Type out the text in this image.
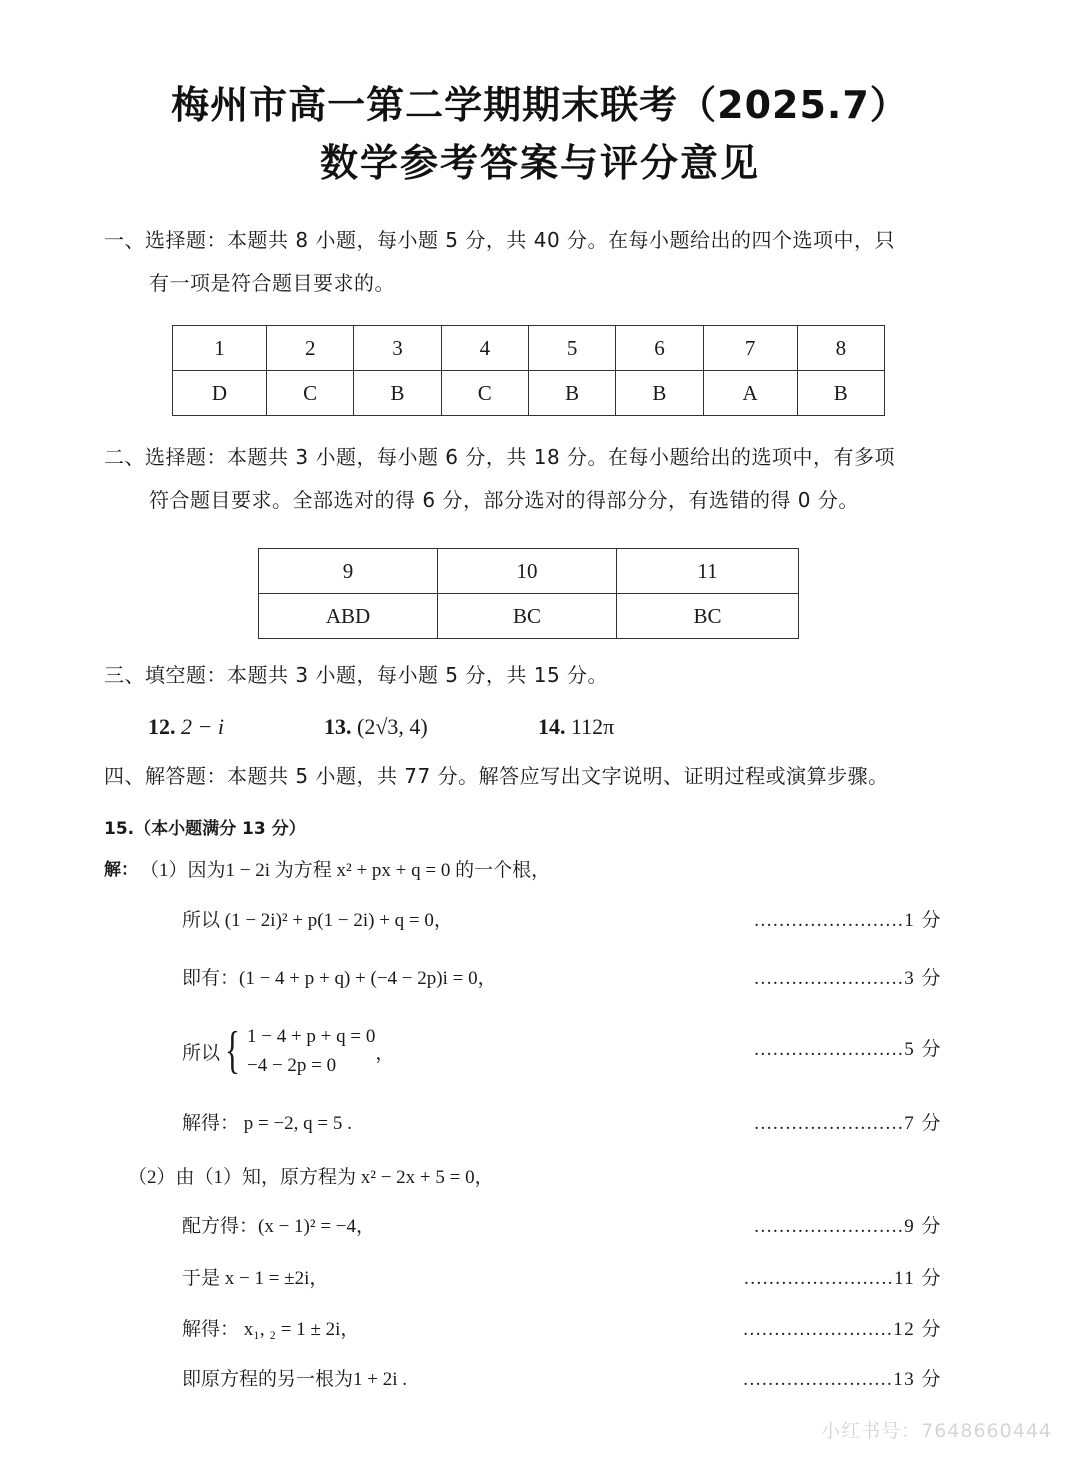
梅州市高一第二学期期末联考（2025.7）
数学参考答案与评分意见
一、选择题：本题共 8 小题，每小题 5 分，共 40 分。在每小题给出的四个选项中，只
有一项是符合题目要求的。
1	2	3	4	5	6	7	8
D	C	B	C	B	B	A	B
二、选择题：本题共 3 小题，每小题 6 分，共 18 分。在每小题给出的选项中，有多项
符合题目要求。全部选对的得 6 分，部分选对的得部分分，有选错的得 0 分。
9	10	11
ABD	BC	BC
三、填空题：本题共 3 小题，每小题 5 分，共 15 分。
12. 2 − i	13. (2√3, 4)	14. 112π
四、解答题：本题共 5 小题，共 77 分。解答应写出文字说明、证明过程或演算步骤。
15.（本小题满分 13 分）
解： （1）因为1 − 2i 为方程 x² + px + q = 0 的一个根，
所以 (1 − 2i)² + p(1 − 2i) + q = 0，	........................1 分
即有：(1 − 4 + p + q) + (−4 − 2p)i = 0，	........................3 分
所以 { 1 − 4 + p + q = 0
−4 − 2p = 0
，	........................5 分
解得： p = −2, q = 5 .	........................7 分
（2）由（1）知，原方程为 x² − 2x + 5 = 0，
配方得：(x − 1)² = −4，	........................9 分
于是 x − 1 = ±2i，	........................11 分
解得： x₁, ₂ = 1 ± 2i，	........................12 分
即原方程的另一根为1 + 2i .	........................13 分
小红书号：7648660444
